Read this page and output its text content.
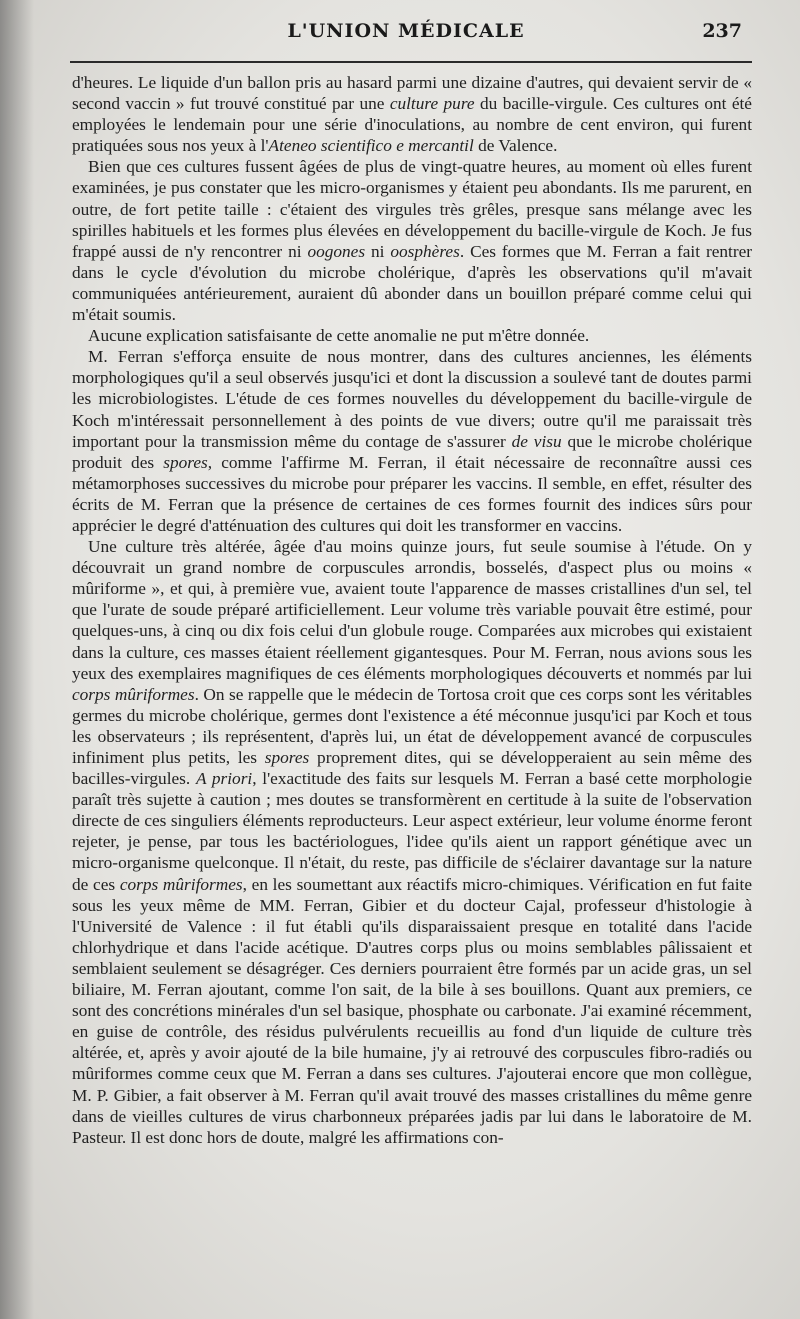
L'UNION MÉDICALE	237

d'heures. Le liquide d'un ballon pris au hasard parmi une dizaine d'autres, qui devaient servir de « second vaccin » fut trouvé constitué par une culture pure du bacille-virgule. Ces cultures ont été employées le lendemain pour une série d'inoculations, au nombre de cent environ, qui furent pratiquées sous nos yeux à l'Ateneo scientifico e mercantil de Valence.

Bien que ces cultures fussent âgées de plus de vingt-quatre heures, au moment où elles furent examinées, je pus constater que les micro-organismes y étaient peu abondants. Ils me parurent, en outre, de fort petite taille : c'étaient des virgules très grêles, presque sans mélange avec les spirilles habituels et les formes plus élevées en développement du bacille-virgule de Koch. Je fus frappé aussi de n'y rencontrer ni oogones ni oosphères. Ces formes que M. Ferran a fait rentrer dans le cycle d'évolution du microbe cholérique, d'après les observations qu'il m'avait communiquées antérieurement, auraient dû abonder dans un bouillon préparé comme celui qui m'était soumis.

Aucune explication satisfaisante de cette anomalie ne put m'être donnée.

M. Ferran s'efforça ensuite de nous montrer, dans des cultures anciennes, les éléments morphologiques qu'il a seul observés jusqu'ici et dont la discussion a soulevé tant de doutes parmi les microbiologistes. L'étude de ces formes nouvelles du développement du bacille-virgule de Koch m'intéressait personnellement à des points de vue divers; outre qu'il me paraissait très important pour la transmission même du contage de s'assurer de visu que le microbe cholérique produit des spores, comme l'affirme M. Ferran, il était nécessaire de reconnaître aussi ces métamorphoses successives du microbe pour préparer les vaccins. Il semble, en effet, résulter des écrits de M. Ferran que la présence de certaines de ces formes fournit des indices sûrs pour apprécier le degré d'atténuation des cultures qui doit les transformer en vaccins.

Une culture très altérée, âgée d'au moins quinze jours, fut seule soumise à l'étude. On y découvrait un grand nombre de corpuscules arrondis, bosselés, d'aspect plus ou moins « mûriforme », et qui, à première vue, avaient toute l'apparence de masses cristallines d'un sel, tel que l'urate de soude préparé artificiellement. Leur volume très variable pouvait être estimé, pour quelques-uns, à cinq ou dix fois celui d'un globule rouge. Comparées aux microbes qui existaient dans la culture, ces masses étaient réellement gigantesques. Pour M. Ferran, nous avions sous les yeux des exemplaires magnifiques de ces éléments morphologiques découverts et nommés par lui corps mûriformes. On se rappelle que le médecin de Tortosa croit que ces corps sont les véritables germes du microbe cholérique, germes dont l'existence a été méconnue jusqu'ici par Koch et tous les observateurs ; ils représentent, d'après lui, un état de développement avancé de corpuscules infiniment plus petits, les spores proprement dites, qui se développeraient au sein même des bacilles-virgules. A priori, l'exactitude des faits sur lesquels M. Ferran a basé cette morphologie paraît très sujette à caution ; mes doutes se transformèrent en certitude à la suite de l'observation directe de ces singuliers éléments reproducteurs. Leur aspect extérieur, leur volume énorme feront rejeter, je pense, par tous les bactériologues, l'idee qu'ils aient un rapport génétique avec un micro-organisme quelconque. Il n'était, du reste, pas difficile de s'éclairer davantage sur la nature de ces corps mûriformes, en les soumettant aux réactifs micro-chimiques. Vérification en fut faite sous les yeux même de MM. Ferran, Gibier et du docteur Cajal, professeur d'histologie à l'Université de Valence : il fut établi qu'ils disparaissaient presque en totalité dans l'acide chlorhydrique et dans l'acide acétique. D'autres corps plus ou moins semblables pâlissaient et semblaient seulement se désagréger. Ces derniers pourraient être formés par un acide gras, un sel biliaire, M. Ferran ajoutant, comme l'on sait, de la bile à ses bouillons. Quant aux premiers, ce sont des concrétions minérales d'un sel basique, phosphate ou carbonate. J'ai examiné récemment, en guise de contrôle, des résidus pulvérulents recueillis au fond d'un liquide de culture très altérée, et, après y avoir ajouté de la bile humaine, j'y ai retrouvé des corpuscules fibro-radiés ou mûriformes comme ceux que M. Ferran a dans ses cultures. J'ajouterai encore que mon collègue, M. P. Gibier, a fait observer à M. Ferran qu'il avait trouvé des masses cristallines du même genre dans de vieilles cultures de virus charbonneux préparées jadis par lui dans le laboratoire de M. Pasteur. Il est donc hors de doute, malgré les affirmations con-
